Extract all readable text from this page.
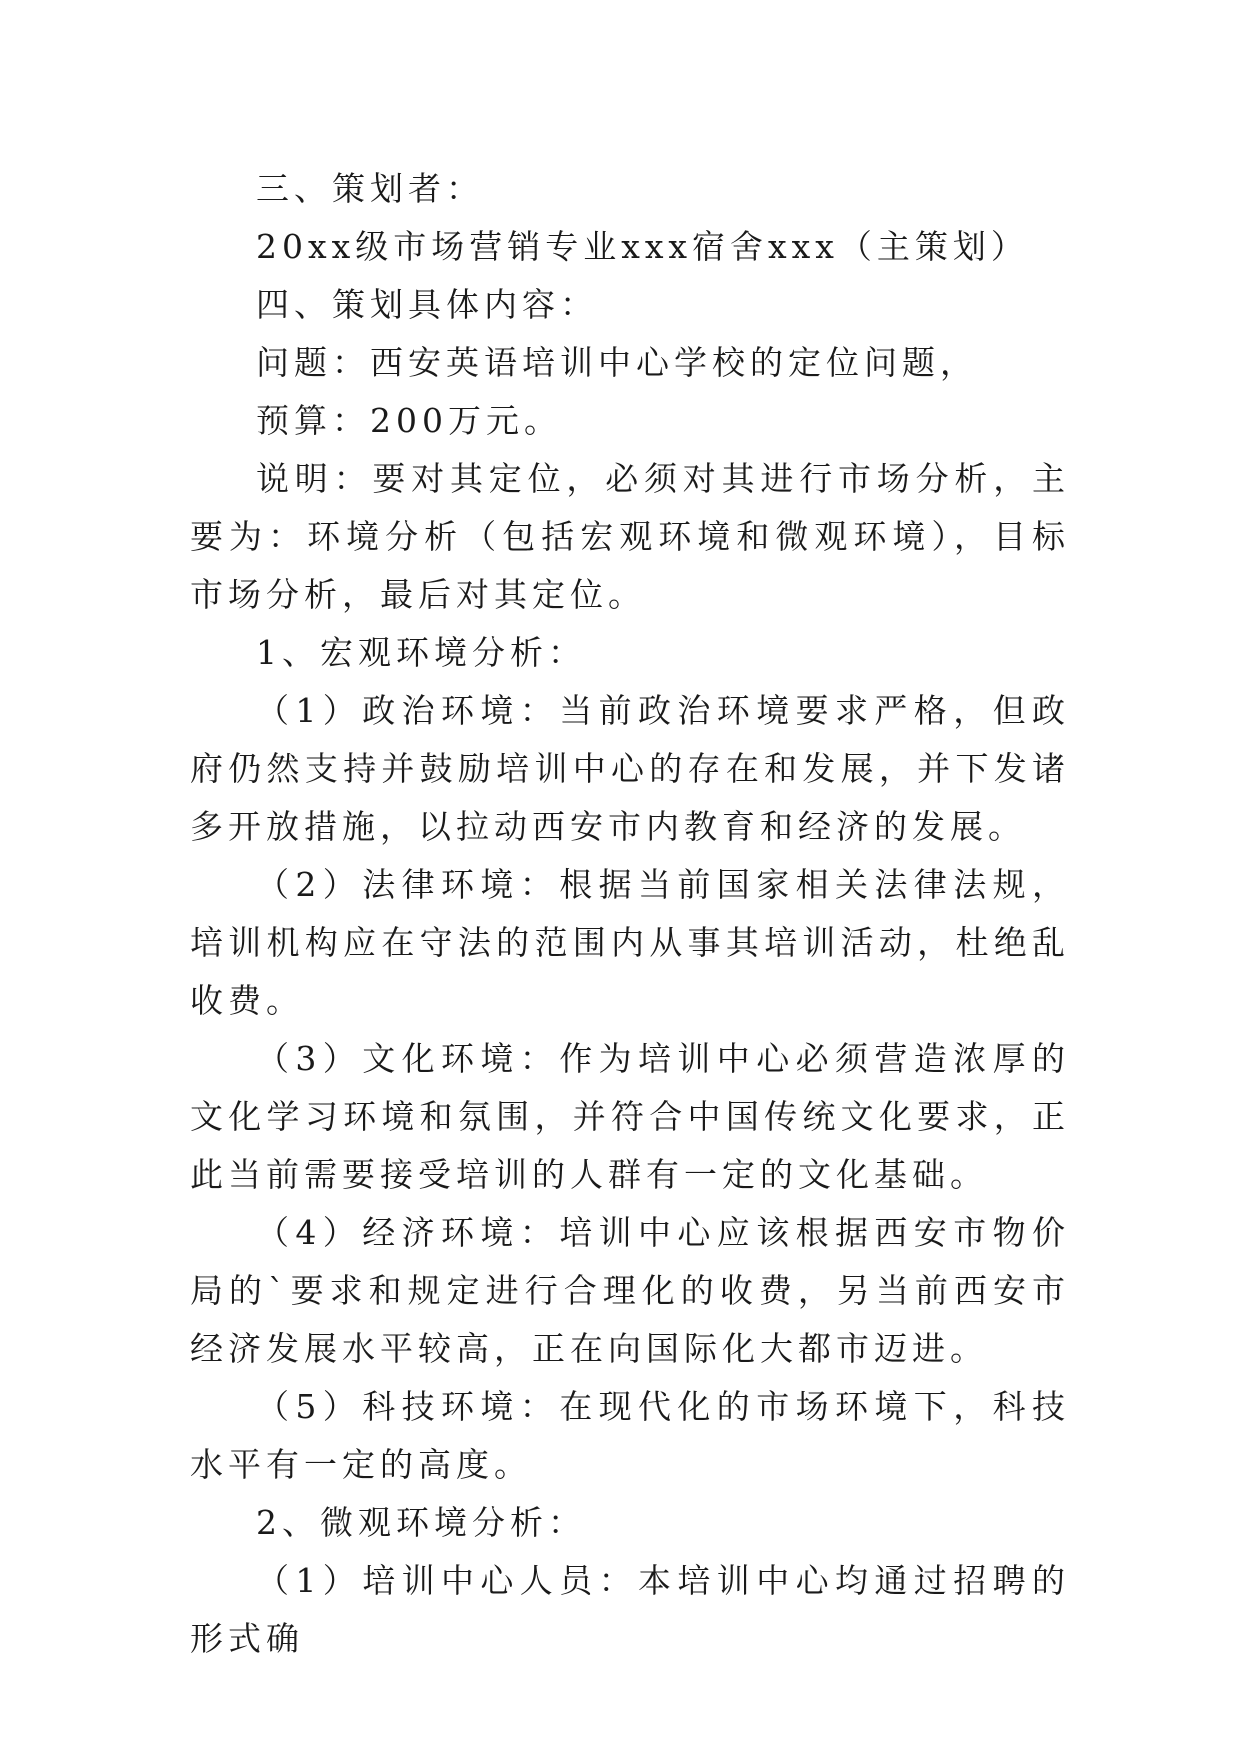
三、策划者：

20xx级市场营销专业xxx宿舍xxx（主策划）

四、策划具体内容：

问题：西安英语培训中心学校的定位问题，

预算：200万元。

说明：要对其定位，必须对其进行市场分析，主要为：环境分析（包括宏观环境和微观环境），目标市场分析，最后对其定位。

1、宏观环境分析：

（1）政治环境：当前政治环境要求严格，但政府仍然支持并鼓励培训中心的存在和发展，并下发诸多开放措施，以拉动西安市内教育和经济的发展。

（2）法律环境：根据当前国家相关法律法规，培训机构应在守法的范围内从事其培训活动，杜绝乱收费。

（3）文化环境：作为培训中心必须营造浓厚的文化学习环境和氛围，并符合中国传统文化要求，正此当前需要接受培训的人群有一定的文化基础。

（4）经济环境：培训中心应该根据西安市物价局的`要求和规定进行合理化的收费，另当前西安市经济发展水平较高，正在向国际化大都市迈进。

（5）科技环境：在现代化的市场环境下，科技水平有一定的高度。

2、微观环境分析：

（1）培训中心人员：本培训中心均通过招聘的形式确
